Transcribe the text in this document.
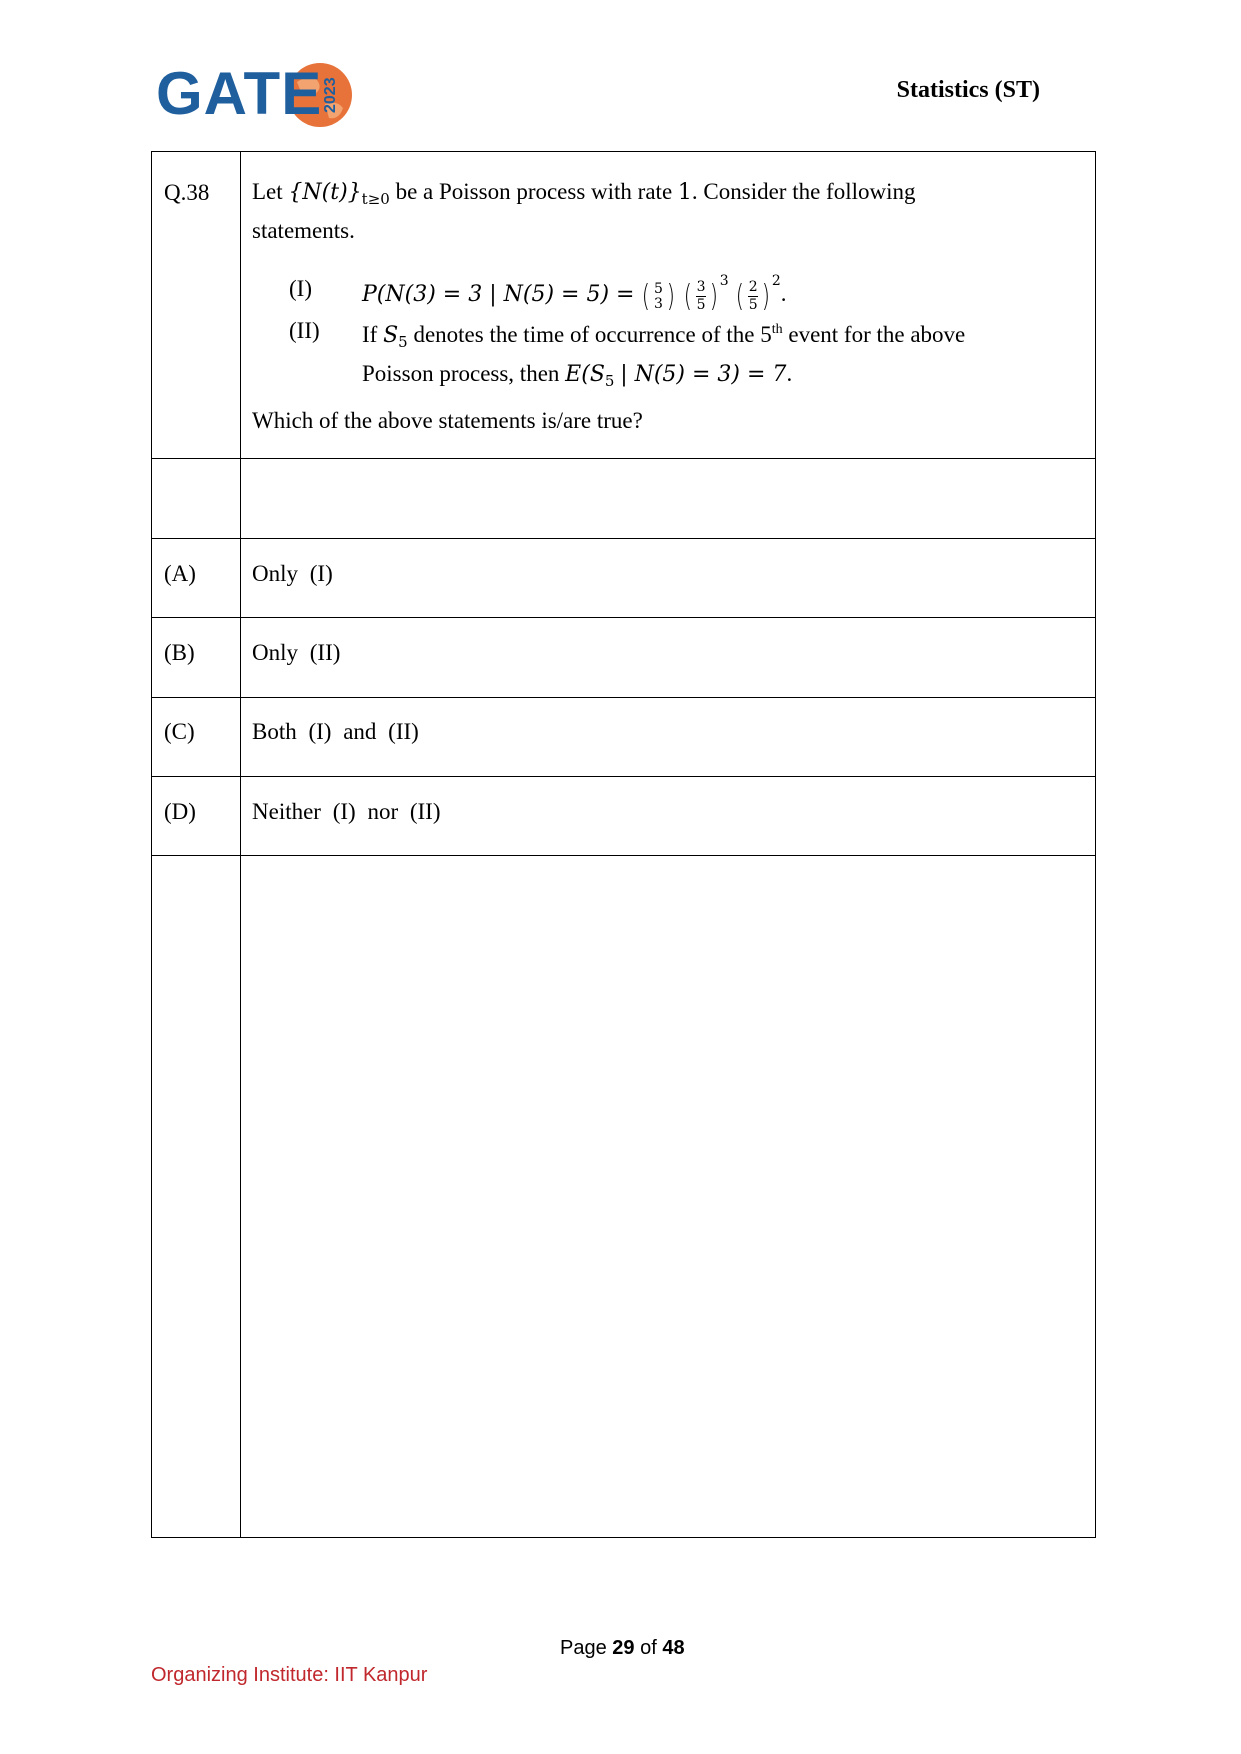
GATE 2023	Statistics (ST)
Q.38 Let $\{N(t)\}_{t\ge 0}$ be a Poisson process with rate 1. Consider the following
statements.
(I) P(N(3) = 3 | N(5) = 5) = ( 5
3 ) ( $\frac{3}{5}$ ) $^3$ ( $\frac{2}{5}$ ) $^2$.
(II) If $S_5$ denotes the time of occurrence of the 5th event for the above
Poisson process, then $E(S_5$ | N(5) = 3) = 7.
Which of the above statements is/are true?
(A) Only (I)
(B) Only (II)
(C) Both (I) and (II)
(D) Neither (I) nor (II)
Page 29 of 48
Organizing Institute: IIT Kanpur
